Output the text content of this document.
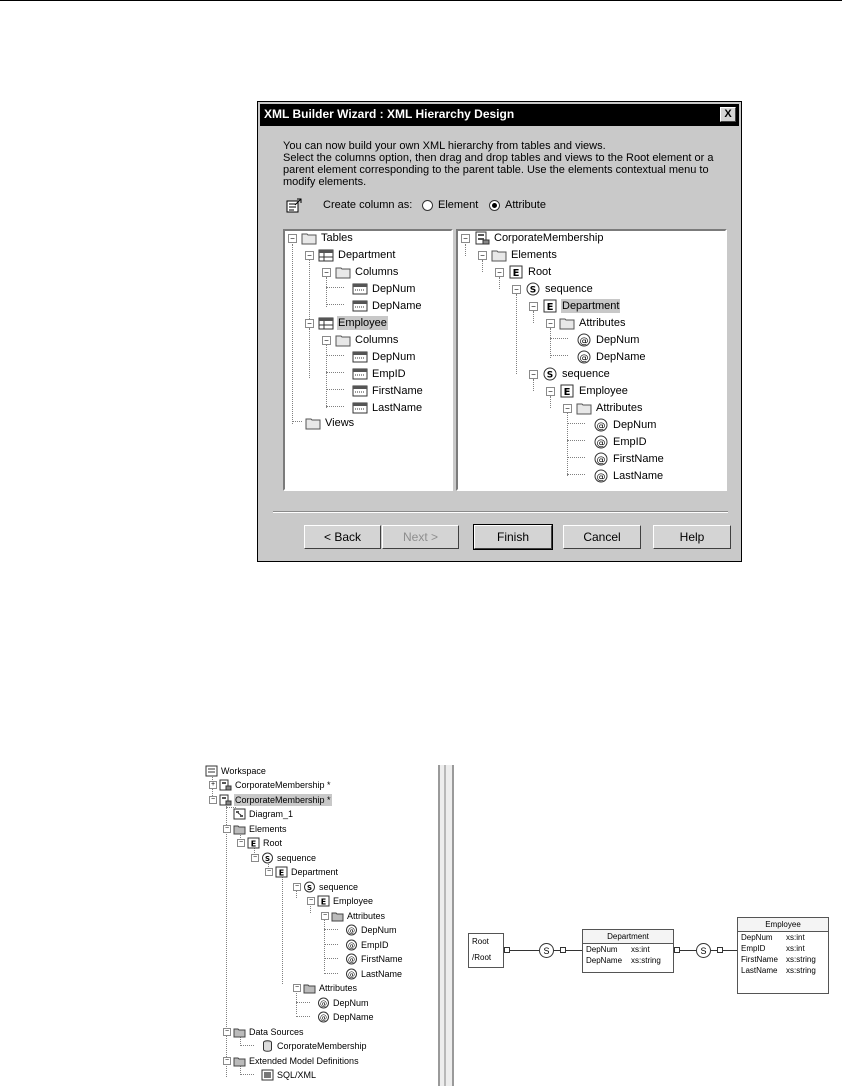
XML Builder Wizard : XML Hierarchy Design	X
You can now build your own XML hierarchy from tables and views.
Select the columns option, then drag and drop tables and views to the Root element or a
parent element corresponding to the parent table. Use the elements contextual menu to
modify elements.
Create column as: Element Attribute
− Tables
− Department
− Columns
DepNum
DepName
− Employee
− Columns
DepNum
EmpID
FirstName
LastName
Views
− CorporateMembership
− Elements
− E Root
− S sequence
− E Department
− Attributes
@ DepNum
@ DepName
− S sequence
− E Employee
− Attributes
@ DepNum
@ EmpID
@ FirstName
@ LastName
< Back	Next >	Finish	Cancel	Help
Workspace
+ CorporateMembership *
− CorporateMembership *
Diagram_1
− Elements
− E Root
− S sequence
− E Department
− S sequence
− E Employee
− Attributes
@ DepNum
@ EmpID
@ FirstName
@ LastName
− Attributes
@ DepNum
@ DepName
− Data Sources
CorporateMembership
− Extended Model Definitions
SQL/XML
Root
/Root
S
Department
DepNum xs:int
DepName xs:string
S
Employee
DepNum xs:int
EmpID	xs:int
FirstName xs:string
LastName xs:string
